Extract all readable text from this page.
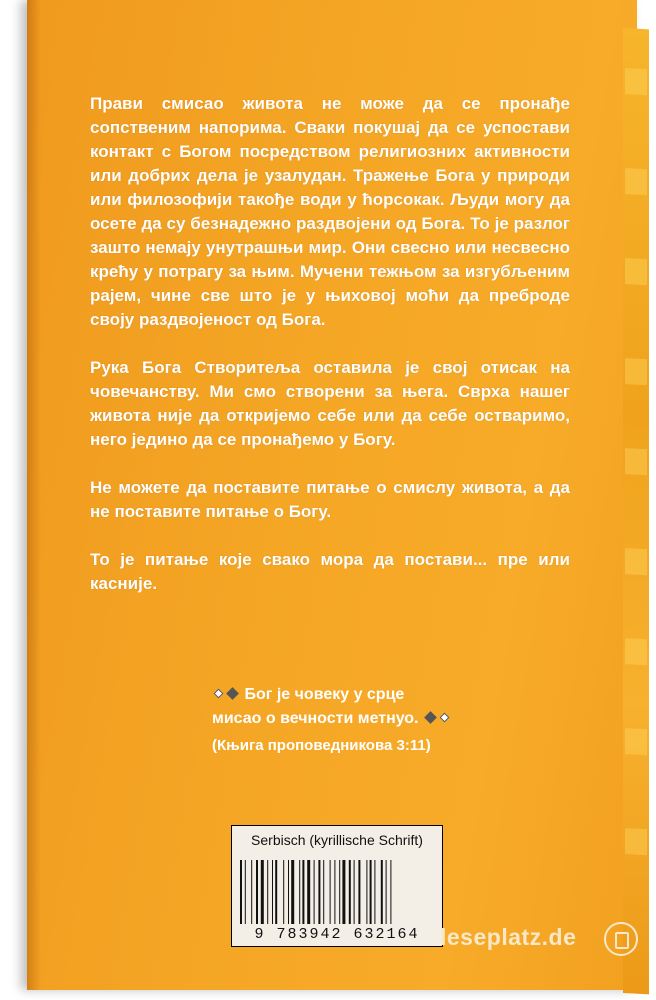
Прави смисао живота не може да се пронађе сопственим напорима. Сваки покушај да се успостави контакт с Богом посредством религиозних активности или добрих дела је узалудан. Тражење Бога у природи или филозофији такође води у ћорсокак. Људи могу да осете да су безнадежно раздвојени од Бога. То је разлог зашто немају унутрашњи мир. Они свесно или несвесно крећу у потрагу за њим. Мучени тежњом за изгубљеним рајем, чине све што је у њиховој моћи да преброде своју раздвојеност од Бога.

Рука Бога Створитеља оставила је свој отисак на човечанству. Ми смо створени за њега. Сврха нашег живота није да откријемо себе или да себе остваримо, него једино да се пронађемо у Богу.

Не можете да поставите питање о смислу живота, а да не поставите питање о Богу.

То је питање које свако мора да постави... пре или касније.

Бог је човеку у срце
мисао о вечности метнуо.
(Књига проповедникова 3:11)
Serbisch (kyrillische Schrift)
9 783942 632164 leseplatz.de
